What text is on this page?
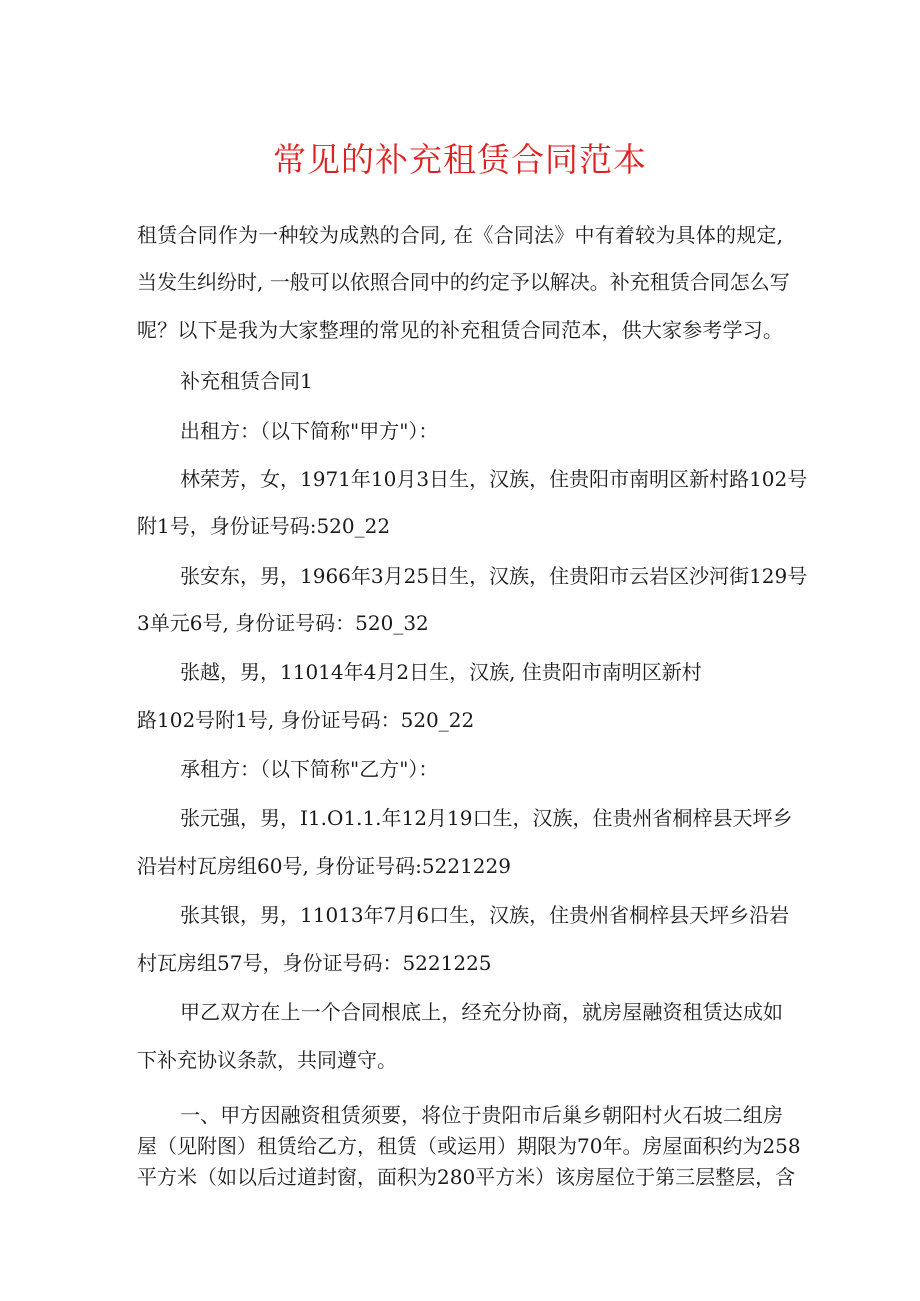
常见的补充租赁合同范本
租赁合同作为一种较为成熟的合同, 在《合同法》中有着较为具体的规定,
当发生纠纷时, 一般可以依照合同中的约定予以解决。补充租赁合同怎么写
呢？以下是我为大家整理的常见的补充租赁合同范本，供大家参考学习。
补充租赁合同1
出租方：（以下简称"甲方"）：
林荣芳，女，1971年10月3日生，汉族，住贵阳市南明区新村路102号
附1号，身份证号码:520_22
张安东，男，1966年3月25日生，汉族，住贵阳市云岩区沙河街129号
3单元6号, 身份证号码：520_32
张越，男，11014年4月2日生，汉族, 住贵阳市南明区新村
路102号附1号, 身份证号码：520_22
承租方：（以下简称"乙方"）：
张元强，男，I1.O1.1.年12月19口生，汉族，住贵州省桐梓县天坪乡
沿岩村瓦房组60号, 身份证号码:5221229
张其银，男，11013年7月6口生，汉族，住贵州省桐梓县天坪乡沿岩
村瓦房组57号，身份证号码：5221225
甲乙双方在上一个合同根底上，经充分协商，就房屋融资租赁达成如
下补充协议条款，共同遵守。
一、甲方因融资租赁须要，将位于贵阳市后巢乡朝阳村火石坡二组房
屋（见附图）租赁给乙方，租赁（或运用）期限为70年。房屋面积约为258
平方米（如以后过道封窗，面积为280平方米）该房屋位于第三层整层，含
